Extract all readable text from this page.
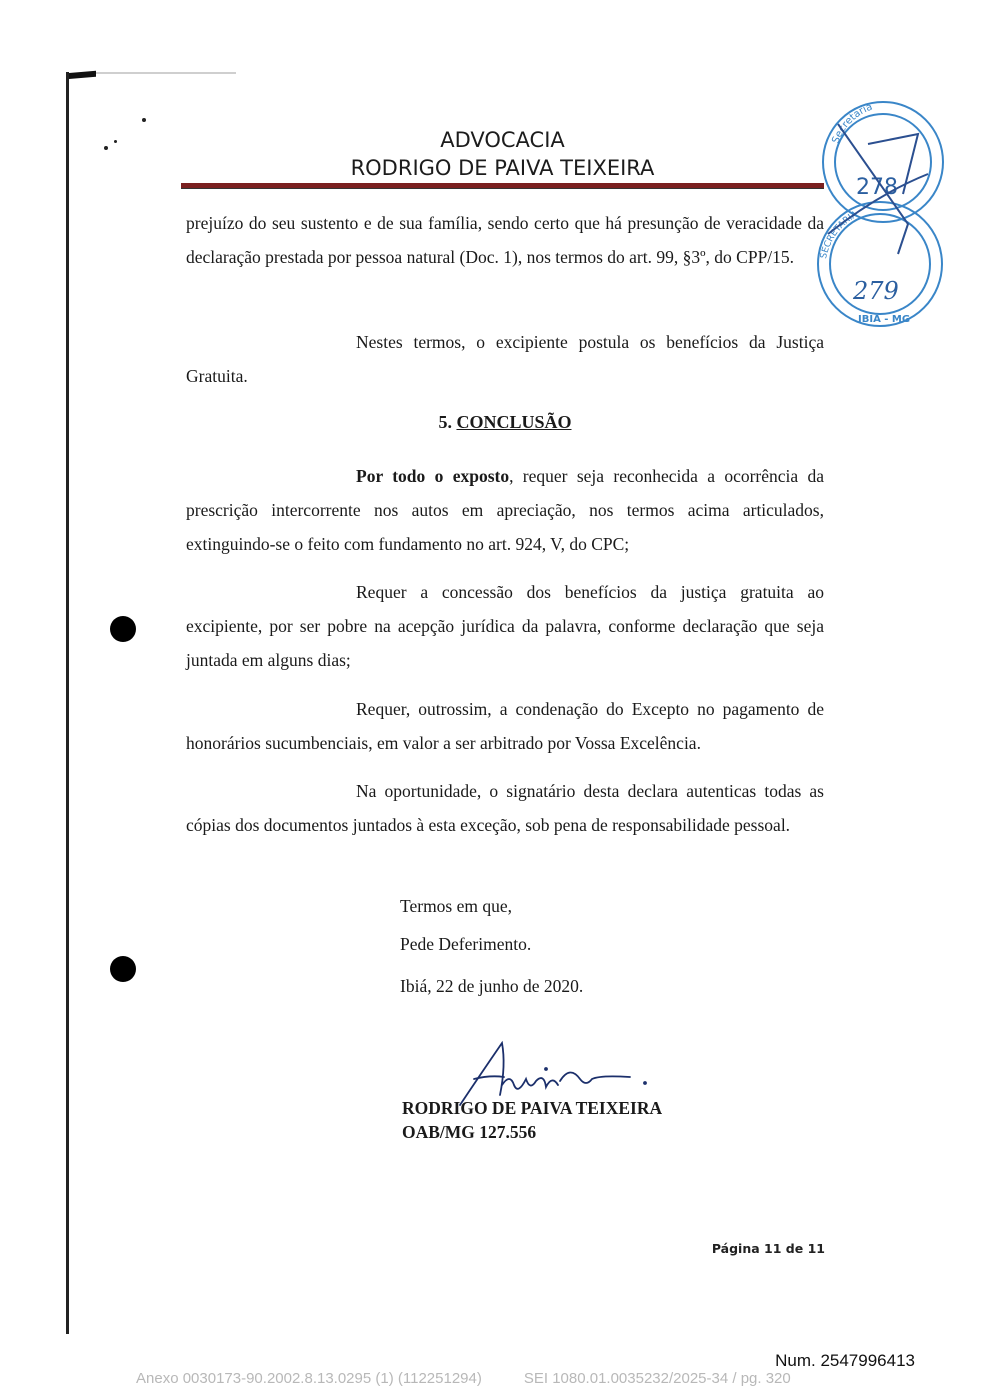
ADVOCACIA
RODRIGO DE PAIVA TEIXEIRA
Secretaria
SECRETARIA
278
279
IBIÁ - MG
prejuízo do seu sustento e de sua família, sendo certo que há presunção de veracidade da declaração prestada por pessoa natural (Doc. 1), nos termos do art. 99, §3º, do CPP/15.
Nestes termos, o excipiente postula os benefícios da Justiça Gratuita.
5. CONCLUSÃO
Por todo o exposto, requer seja reconhecida a ocorrência da prescrição intercorrente nos autos em apreciação, nos termos acima articulados, extinguindo-se o feito com fundamento no art. 924, V, do CPC;
Requer a concessão dos benefícios da justiça gratuita ao excipiente, por ser pobre na acepção jurídica da palavra, conforme declaração que seja juntada em alguns dias;
Requer, outrossim, a condenação do Excepto no pagamento de honorários sucumbenciais, em valor a ser arbitrado por Vossa Excelência.
Na oportunidade, o signatário desta declara autenticas todas as cópias dos documentos juntados à esta exceção, sob pena de responsabilidade pessoal.
Termos em que,
Pede Deferimento.
Ibiá, 22 de junho de 2020.
RODRIGO DE PAIVA TEIXEIRA
OAB/MG 127.556
Página 11 de 11
Num. 2547996413
Anexo 0030173-90.2002.8.13.0295 (1) (112251294)	SEI 1080.01.0035232/2025-34 / pg. 320
